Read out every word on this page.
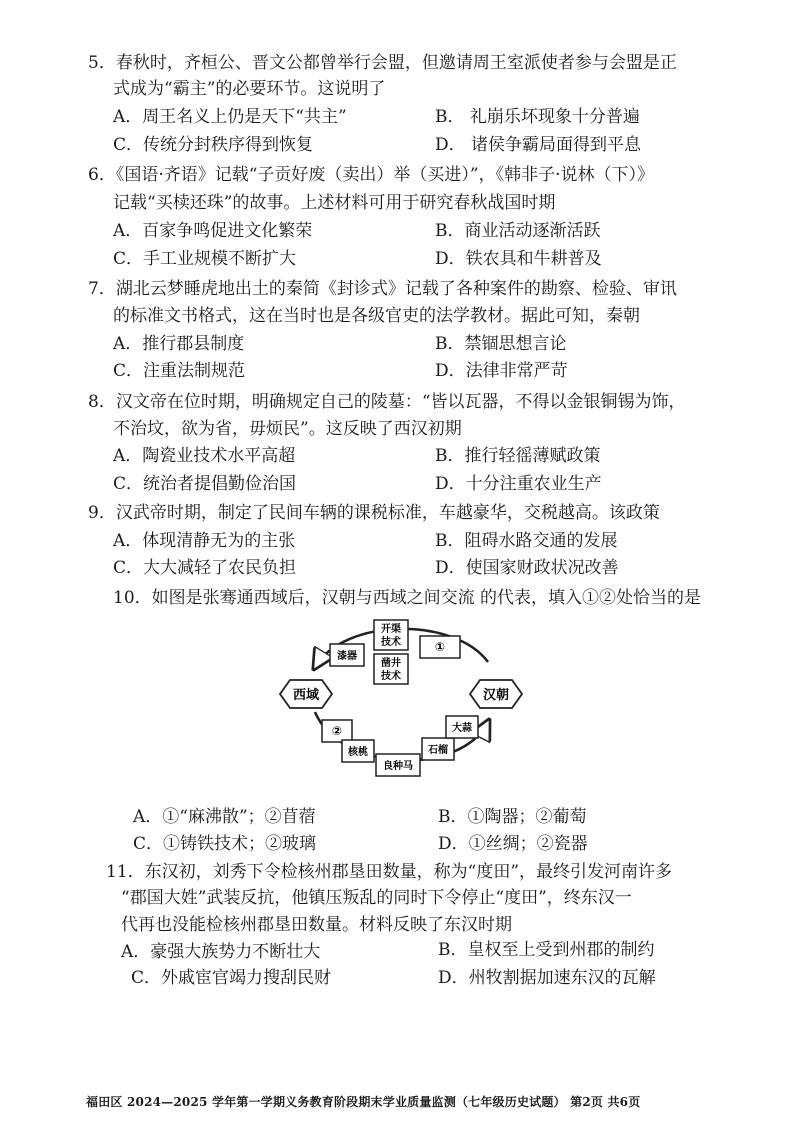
5．春秋时，齐桓公、晋文公都曾举行会盟，但邀请周王室派使者参与会盟是正
式成为“霸主”的必要环节。这说明了
A．周王名义上仍是天下“共主”	B． 礼崩乐坏现象十分普遍
C．传统分封秩序得到恢复	D． 诸侯争霸局面得到平息
6．《国语·齐语》记载“子贡好废（卖出）举（买进）”，《韩非子·说林（下）》
记载“买椟还珠”的故事。上述材料可用于研究春秋战国时期
A．百家争鸣促进文化繁荣	B．商业活动逐渐活跃
C．手工业规模不断扩大	D．铁农具和牛耕普及
7．湖北云梦睡虎地出土的秦简《封诊式》记载了各种案件的勘察、检验、审讯
的标准文书格式，这在当时也是各级官吏的法学教材。据此可知，秦朝
A．推行郡县制度	B．禁锢思想言论
C．注重法制规范	D．法律非常严苛
8．汉文帝在位时期，明确规定自己的陵墓：“皆以瓦器，不得以金银铜锡为饰，
不治坟，欲为省，毋烦民”。这反映了西汉初期
A．陶瓷业技术水平高超	B．推行轻徭薄赋政策
C．统治者提倡勤俭治国	D．十分注重农业生产
9．汉武帝时期，制定了民间车辆的课税标准，车越豪华，交税越高。该政策
A．体现清静无为的主张	B．阻碍水路交通的发展
C．大大减轻了农民负担	D．使国家财政状况改善
10．如图是张骞通西域后，汉朝与西域之间交流 的代表，填入①②处恰当的是
西域	汉朝
漆器
开渠
技术
凿井
技术
①
②
核桃
良种马
石榴
大蒜
A．①“麻沸散”；②苜蓿	B．①陶器；②葡萄
C．①铸铁技术；②玻璃	D．①丝绸；②瓷器
11．东汉初，刘秀下令检核州郡垦田数量，称为“度田”，最终引发河南许多
“郡国大姓”武装反抗，他镇压叛乱的同时下令停止“度田”，终东汉一
代再也没能检核州郡垦田数量。材料反映了东汉时期
A．豪强大族势力不断壮大	B．皇权至上受到州郡的制约
C．外戚宦官竭力搜刮民财	D．州牧割据加速东汉的瓦解
福田区 2024—2025 学年第一学期义务教育阶段期末学业质量监测（七年级历史试题） 第2页 共6页
